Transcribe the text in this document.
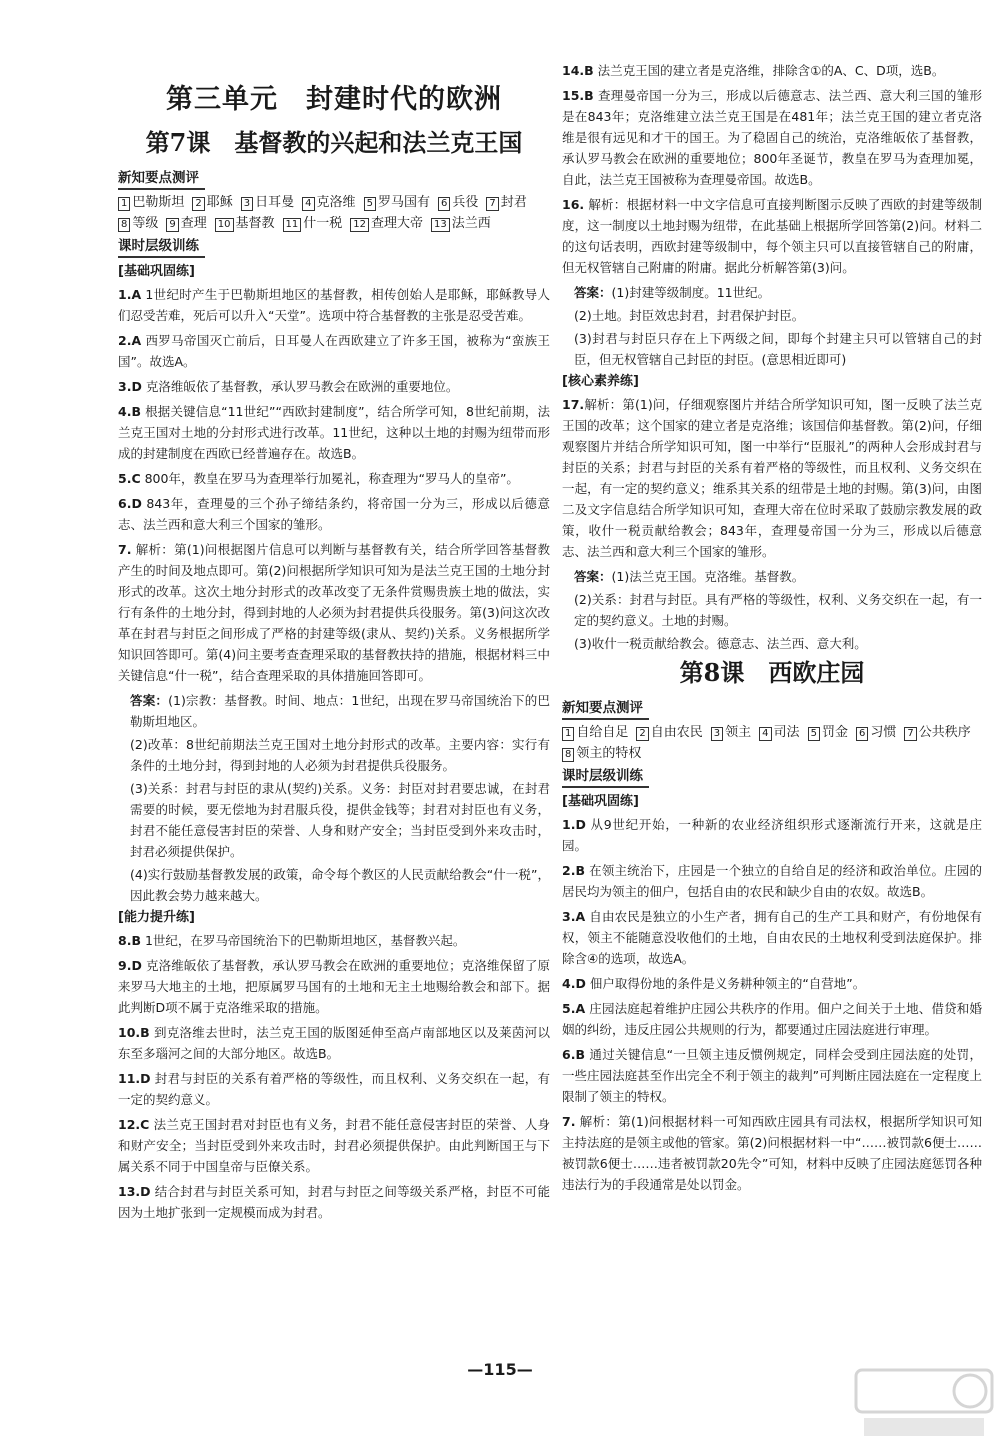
第三单元　封建时代的欧洲
第7课　基督教的兴起和法兰克王国
新知要点测评
1 巴勒斯坦 2 耶稣 3 日耳曼 4 克洛维 5 罗马国有 6 兵役 7 封君8 等级 9 查理 10 基督教 11 什一税 12 查理大帝 13 法兰西
课时层级训练
[基础巩固练]
1.A 1世纪时产生于巴勒斯坦地区的基督教，相传创始人是耶稣，耶稣教导人们忍受苦难，死后可以升入“天堂”。选项中符合基督教的主张是忍受苦难。
2.A 西罗马帝国灭亡前后，日耳曼人在西欧建立了许多王国，被称为“蛮族王国”。故选A。
3.D 克洛维皈依了基督教，承认罗马教会在欧洲的重要地位。
4.B 根据关键信息“11世纪”“西欧封建制度”，结合所学可知，8世纪前期，法兰克王国对土地的分封形式进行改革。11世纪，这种以土地的封赐为纽带而形成的封建制度在西欧已经普遍存在。故选B。
5.C 800年，教皇在罗马为查理举行加冕礼，称查理为“罗马人的皇帝”。
6.D 843年，查理曼的三个孙子缔结条约，将帝国一分为三，形成以后德意志、法兰西和意大利三个国家的雏形。
7. 解析：第(1)问根据图片信息可以判断与基督教有关，结合所学回答基督教产生的时间及地点即可。第(2)问根据所学知识可知为是法兰克王国的土地分封形式的改革。这次土地分封形式的改革改变了无条件赏赐贵族土地的做法，实行有条件的土地分封，得到封地的人必须为封君提供兵役服务。第(3)问这次改革在封君与封臣之间形成了严格的封建等级(隶从、契约)关系。义务根据所学知识回答即可。第(4)问主要考查查理采取的基督教扶持的措施，根据材料三中关键信息“什一税”，结合查理采取的具体措施回答即可。
答案：(1)宗教：基督教。时间、地点：1世纪，出现在罗马帝国统治下的巴勒斯坦地区。
(2)改革：8世纪前期法兰克王国对土地分封形式的改革。主要内容：实行有条件的土地分封，得到封地的人必须为封君提供兵役服务。
(3)关系：封君与封臣的隶从(契约)关系。义务：封臣对封君要忠诚，在封君需要的时候，要无偿地为封君服兵役，提供金钱等；封君对封臣也有义务，封君不能任意侵害封臣的荣誉、人身和财产安全；当封臣受到外来攻击时，封君必须提供保护。
(4)实行鼓励基督教发展的政策，命令每个教区的人民贡献给教会“什一税”，因此教会势力越来越大。
[能力提升练]
8.B 1世纪，在罗马帝国统治下的巴勒斯坦地区，基督教兴起。
9.D 克洛维皈依了基督教，承认罗马教会在欧洲的重要地位；克洛维保留了原来罗马大地主的土地，把原属罗马国有的土地和无主土地赐给教会和部下。据此判断D项不属于克洛维采取的措施。
10.B 到克洛维去世时，法兰克王国的版图延伸至高卢南部地区以及莱茵河以东至多瑙河之间的大部分地区。故选B。
11.D 封君与封臣的关系有着严格的等级性，而且权利、义务交织在一起，有一定的契约意义。
12.C 法兰克王国封君对封臣也有义务，封君不能任意侵害封臣的荣誉、人身和财产安全；当封臣受到外来攻击时，封君必须提供保护。由此判断国王与下属关系不同于中国皇帝与臣僚关系。
13.D 结合封君与封臣关系可知，封君与封臣之间等级关系严格，封臣不可能因为土地扩张到一定规模而成为封君。
14.B 法兰克王国的建立者是克洛维，排除含①的A、C、D项，选B。
15.B 查理曼帝国一分为三，形成以后德意志、法兰西、意大利三国的雏形是在843年；克洛维建立法兰克王国是在481年；法兰克王国的建立者克洛维是很有远见和才干的国王。为了稳固自己的统治，克洛维皈依了基督教，承认罗马教会在欧洲的重要地位；800年圣诞节，教皇在罗马为查理加冕，自此，法兰克王国被称为查理曼帝国。故选B。
16. 解析：根据材料一中文字信息可直接判断图示反映了西欧的封建等级制度，这一制度以土地封赐为纽带，在此基础上根据所学回答第(2)问。材料二的这句话表明，西欧封建等级制中，每个领主只可以直接管辖自己的附庸，但无权管辖自己附庸的附庸。据此分析解答第(3)问。
答案：(1)封建等级制度。11世纪。
(2)土地。封臣效忠封君，封君保护封臣。
(3)封君与封臣只存在上下两级之间，即每个封建主只可以管辖自己的封臣，但无权管辖自己封臣的封臣。(意思相近即可)
[核心素养练]
17.解析：第(1)问，仔细观察图片并结合所学知识可知，图一反映了法兰克王国的改革；这个国家的建立者是克洛维；该国信仰基督教。第(2)问，仔细观察图片并结合所学知识可知，图一中举行“臣服礼”的两种人会形成封君与封臣的关系；封君与封臣的关系有着严格的等级性，而且权利、义务交织在一起，有一定的契约意义；维系其关系的纽带是土地的封赐。第(3)问，由图二及文字信息结合所学知识可知，查理大帝在位时采取了鼓励宗教发展的政策，收什一税贡献给教会；843年，查理曼帝国一分为三，形成以后德意志、法兰西和意大利三个国家的雏形。
答案：(1)法兰克王国。克洛维。基督教。
(2)关系：封君与封臣。具有严格的等级性，权利、义务交织在一起，有一定的契约意义。土地的封赐。
(3)收什一税贡献给教会。德意志、法兰西、意大利。
第8课　西欧庄园
新知要点测评
1 自给自足 2 自由农民 3 领主 4 司法 5 罚金 6 习惯 7 公共秩序8 领主的特权
课时层级训练
[基础巩固练]
1.D 从9世纪开始，一种新的农业经济组织形式逐渐流行开来，这就是庄园。
2.B 在领主统治下，庄园是一个独立的自给自足的经济和政治单位。庄园的居民均为领主的佃户，包括自由的农民和缺少自由的农奴。故选B。
3.A 自由农民是独立的小生产者，拥有自己的生产工具和财产，有份地保有权，领主不能随意没收他们的土地，自由农民的土地权利受到法庭保护。排除含④的选项，故选A。
4.D 佃户取得份地的条件是义务耕种领主的“自营地”。
5.A 庄园法庭起着维护庄园公共秩序的作用。佃户之间关于土地、借贷和婚姻的纠纷，违反庄园公共规则的行为，都要通过庄园法庭进行审理。
6.B 通过关键信息“一旦领主违反惯例规定，同样会受到庄园法庭的处罚，一些庄园法庭甚至作出完全不利于领主的裁判”可判断庄园法庭在一定程度上限制了领主的特权。
7. 解析：第(1)问根据材料一可知西欧庄园具有司法权，根据所学知识可知主持法庭的是领主或他的管家。第(2)问根据材料一中“……被罚款6便士……被罚款6便士……违者被罚款20先令”可知，材料中反映了庄园法庭惩罚各种违法行为的手段通常是处以罚金。
—115—
